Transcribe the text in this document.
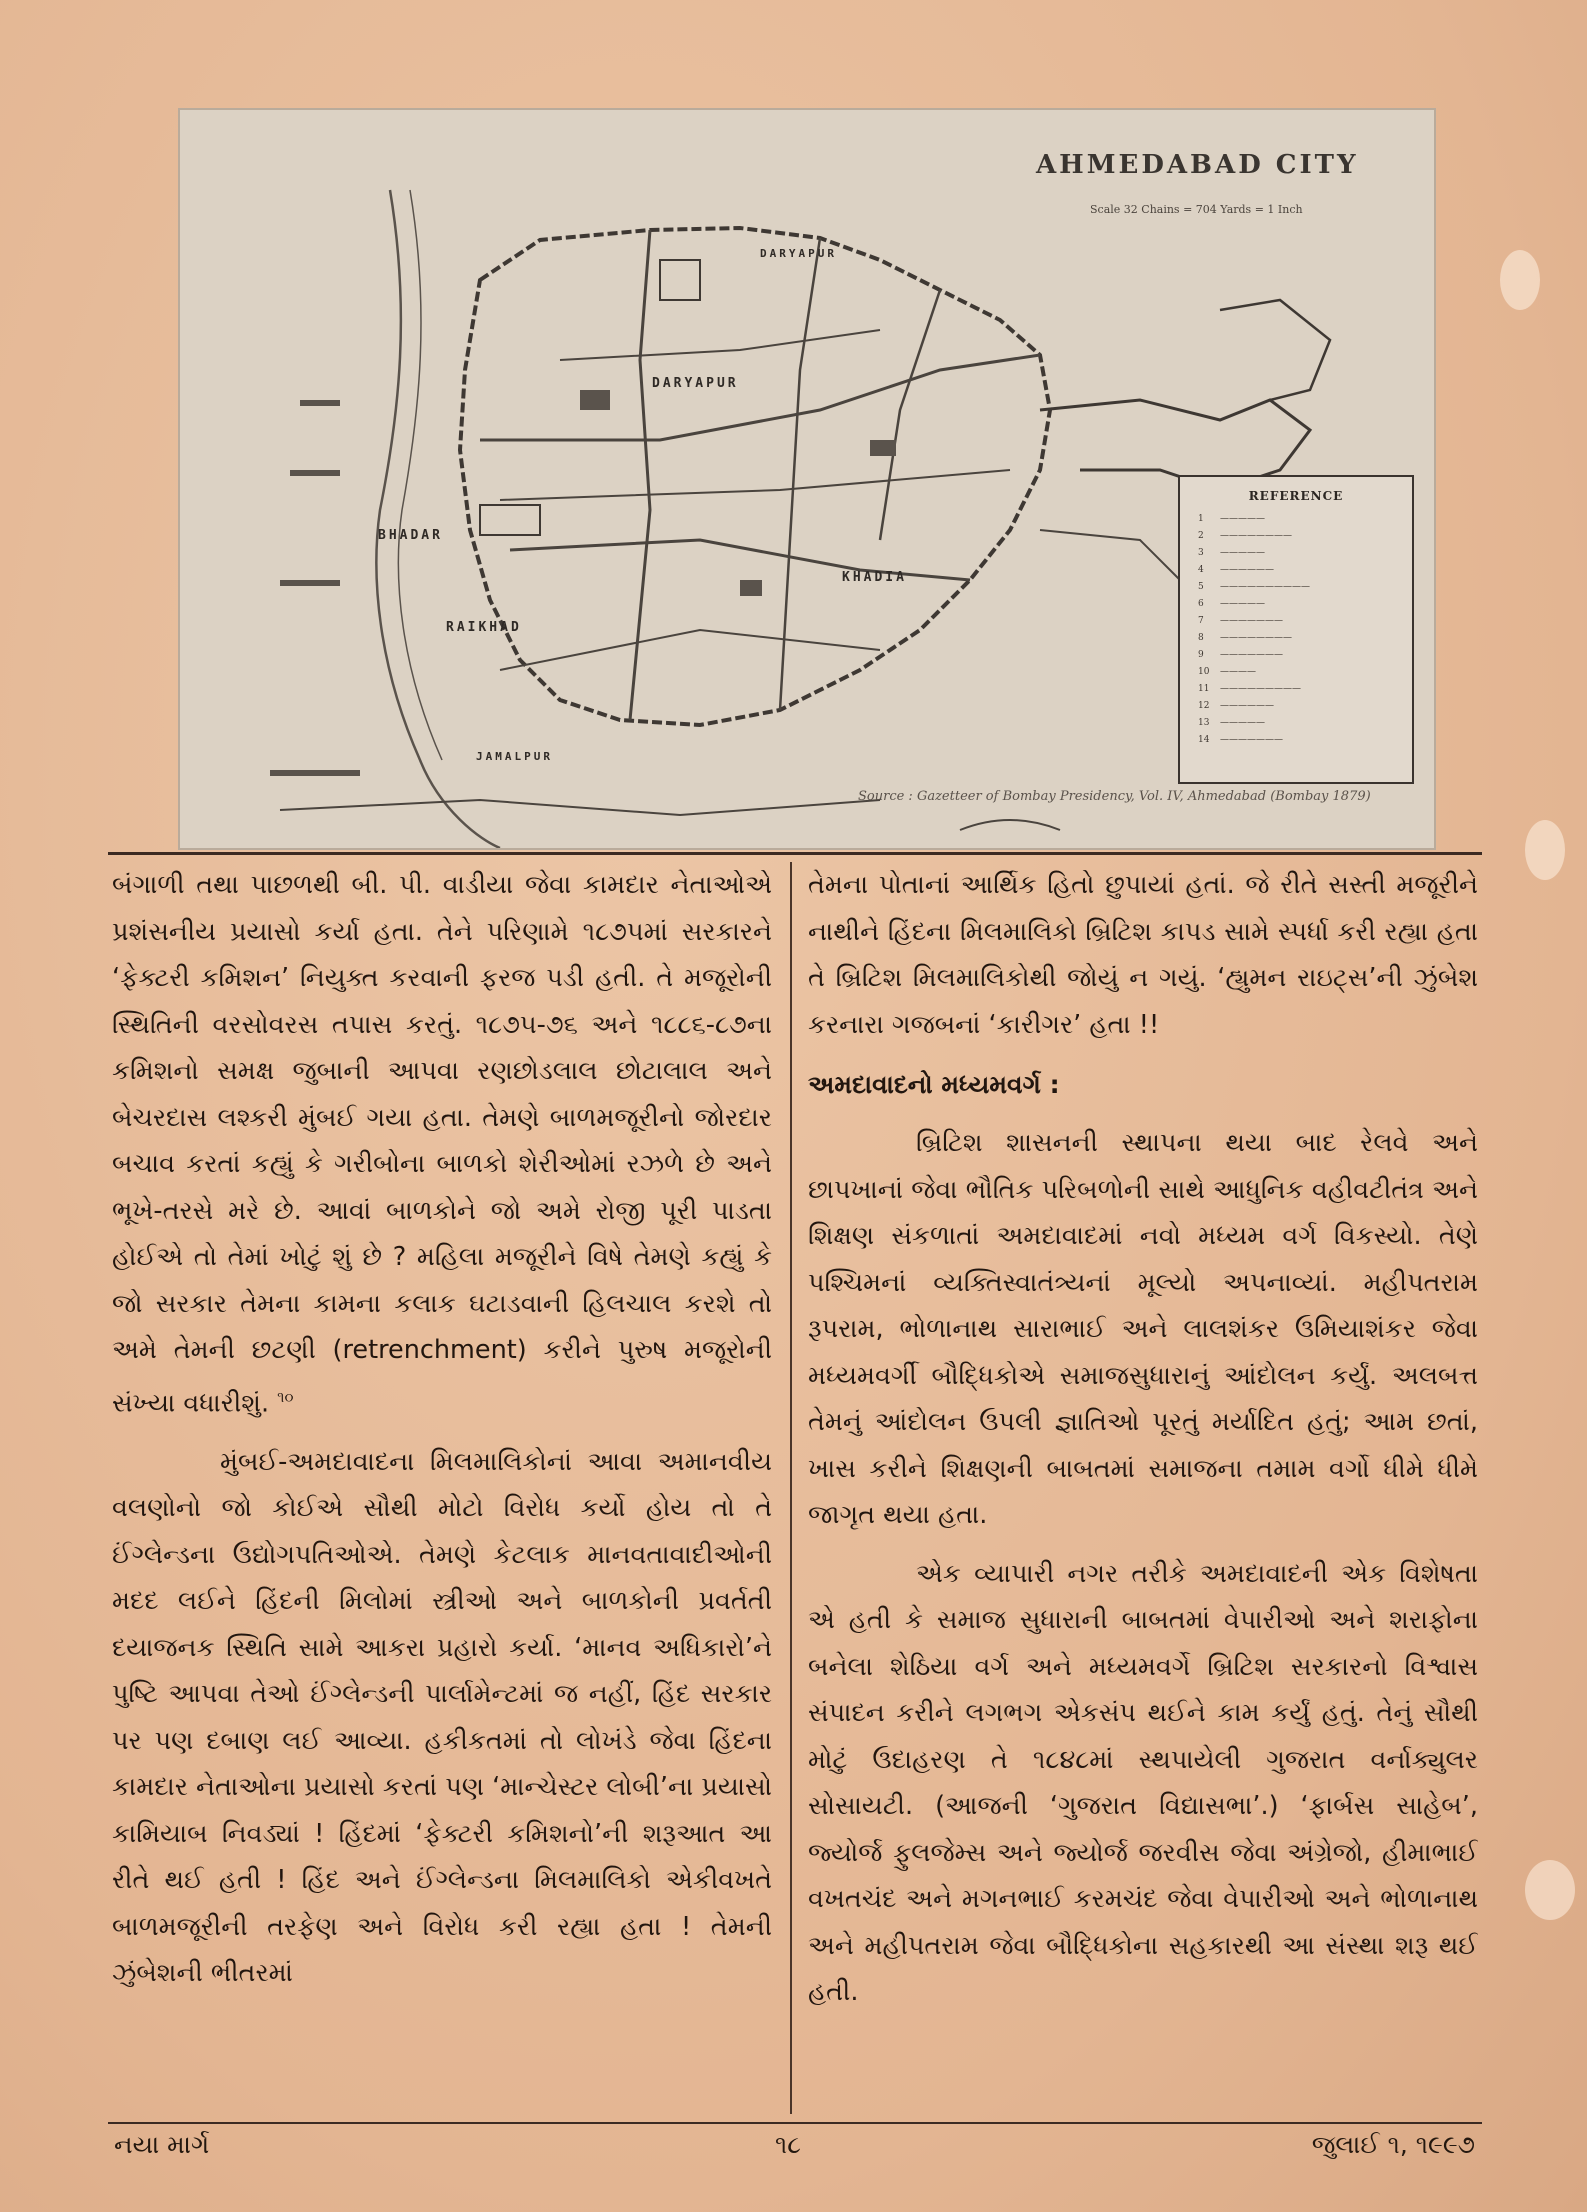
AHMEDABAD CITY
Scale 32 Chains = 704 Yards = 1 Inch
DARYAPUR
DARYAPUR
BHADAR
KHADIA
RAIKHAD
JAMALPUR
REFERENCE
1 —————
2 ————————
3 —————
4 ——————
5 ——————————
6 —————
7 ———————
8 ————————
9 ———————
10 ————
11 —————————
12 ——————
13 —————
14 ———————
Source : Gazetteer of Bombay Presidency, Vol. IV, Ahmedabad (Bombay 1879)

બંગાળી તથા પાછળથી બી. પી. વાડીયા જેવા કામદાર નેતાઓએ પ્રશંસનીય પ્રયાસો કર્યા હતા. તેને પરિણામે ૧૮૭૫માં સરકારને ‘ફેક્ટરી કમિશન’ નિયુક્ત કરવાની ફરજ પડી હતી. તે મજૂરોની સ્થિતિની વરસોવરસ તપાસ કરતું. ૧૮૭૫-૭૬ અને ૧૮૮૬-૮૭ના કમિશનો સમક્ષ જુબાની આપવા રણછોડલાલ છોટાલાલ અને બેચરદાસ લશ્કરી મુંબઈ ગયા હતા. તેમણે બાળમજૂરીનો જોરદાર બચાવ કરતાં કહ્યું કે ગરીબોના બાળકો શેરીઓમાં રઝળે છે અને ભૂખે-તરસે મરે છે. આવાં બાળકોને જો અમે રોજી પૂરી પાડતા હોઈએ તો તેમાં ખોટું શું છે ? મહિલા મજૂરીને વિષે તેમણે કહ્યું કે જો સરકાર તેમના કામના કલાક ઘટાડવાની હિલચાલ કરશે તો અમે તેમની છટણી (retrenchment) કરીને પુરુષ મજૂરોની સંખ્યા વધારીશું. $^{૧૦}$

મુંબઈ-અમદાવાદના મિલમાલિકોનાં આવા અમાનવીય વલણોનો જો કોઈએ સૌથી મોટો વિરોધ કર્યો હોય તો તે ઈંગ્લેન્ડના ઉદ્યોગપતિઓએ. તેમણે કેટલાક માનવતાવાદીઓની મદદ લઈને હિંદની મિલોમાં સ્ત્રીઓ અને બાળકોની પ્રવર્તતી દયાજનક સ્થિતિ સામે આકરા પ્રહારો કર્યા. ‘માનવ અધિકારો’ને પુષ્ટિ આપવા તેઓ ઈંગ્લેન્ડની પાર્લામેન્ટમાં જ નહીં, હિંદ સરકાર પર પણ દબાણ લઈ આવ્યા. હકીકતમાં તો લોખંડે જેવા હિંદના કામદાર નેતાઓના પ્રયાસો કરતાં પણ ‘માન્ચેસ્ટર લોબી’ના પ્રયાસો કામિયાબ નિવડ્યાં ! હિંદમાં ‘ફેક્ટરી કમિશનો’ની શરૂઆત આ રીતે થઈ હતી ! હિંદ અને ઈંગ્લેન્ડના મિલમાલિકો એકીવખતે બાળમજૂરીની તરફેણ અને વિરોધ કરી રહ્યા હતા ! તેમની ઝુંબેશની ભીતરમાં

તેમના પોતાનાં આર્થિક હિતો છુપાયાં હતાં. જે રીતે સસ્તી મજૂરીને નાથીને હિંદના મિલમાલિકો બ્રિટિશ કાપડ સામે સ્પર્ધા કરી રહ્યા હતા તે બ્રિટિશ મિલમાલિકોથી જોયું ન ગયું. ‘હ્યુમન રાઇટ્સ’ની ઝુંબેશ કરનારા ગજબનાં ‘કારીગર’ હતા !!

અમદાવાદનો મધ્યમવર્ગ :

બ્રિટિશ શાસનની સ્થાપના થયા બાદ રેલવે અને છાપખાનાં જેવા ભૌતિક પરિબળોની સાથે આધુનિક વહીવટીતંત્ર અને શિક્ષણ સંકળાતાં અમદાવાદમાં નવો મધ્યમ વર્ગ વિકસ્યો. તેણે પશ્ચિમનાં વ્યક્તિસ્વાતંત્ર્યનાં મૂલ્યો અપનાવ્યાં. મહીપતરામ રૂપરામ, ભોળાનાથ સારાભાઈ અને લાલશંકર ઉમિયાશંકર જેવા મધ્યમવર્ગી બૌદ્ધિકોએ સમાજસુધારાનું આંદોલન કર્યું. અલબત્ત તેમનું આંદોલન ઉપલી જ્ઞાતિઓ પૂરતું મર્યાદિત હતું; આમ છતાં, ખાસ કરીને શિક્ષણની બાબતમાં સમાજના તમામ વર્ગો ધીમે ધીમે જાગૃત થયા હતા.

એક વ્યાપારી નગર તરીકે અમદાવાદની એક વિશેષતા એ હતી કે સમાજ સુધારાની બાબતમાં વેપારીઓ અને શરાફોના બનેલા શેઠિયા વર્ગ અને મધ્યમવર્ગે બ્રિટિશ સરકારનો વિશ્વાસ સંપાદન કરીને લગભગ એકસંપ થઈને કામ કર્યું હતું. તેનું સૌથી મોટું ઉદાહરણ તે ૧૮૪૮માં સ્થપાયેલી ગુજરાત વર્નાક્યુલર સોસાયટી. (આજની ‘ગુજરાત વિદ્યાસભા’.) ‘ફાર્બસ સાહેબ’, જ્યોર્જ ફુલજેમ્સ અને જ્યોર્જ જરવીસ જેવા અંગ્રેજો, હીમાભાઈ વખતચંદ અને મગનભાઈ કરમચંદ જેવા વેપારીઓ અને ભોળાનાથ અને મહીપતરામ જેવા બૌદ્ધિકોના સહકારથી આ સંસ્થા શરૂ થઈ હતી.

નયા માર્ગ	૧૮	જુલાઈ ૧, ૧૯૯૭
